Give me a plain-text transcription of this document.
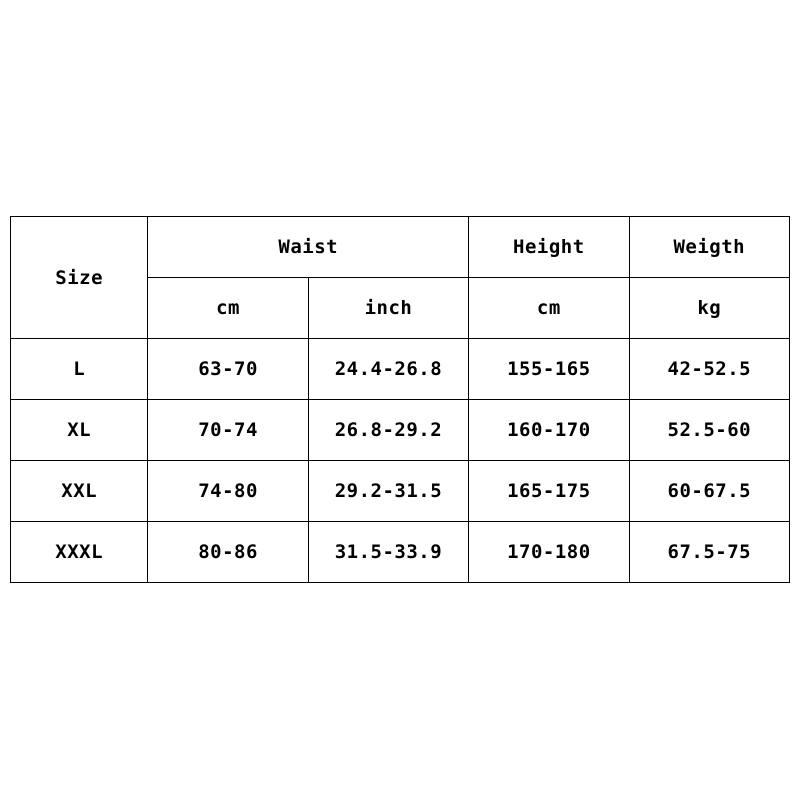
Size	Waist		Height	Weigth
	cm	inch	cm	kg
L	63-70	24.4-26.8	155-165	42-52.5
XL	70-74	26.8-29.2	160-170	52.5-60
XXL	74-80	29.2-31.5	165-175	60-67.5
XXXL	80-86	31.5-33.9	170-180	67.5-75
